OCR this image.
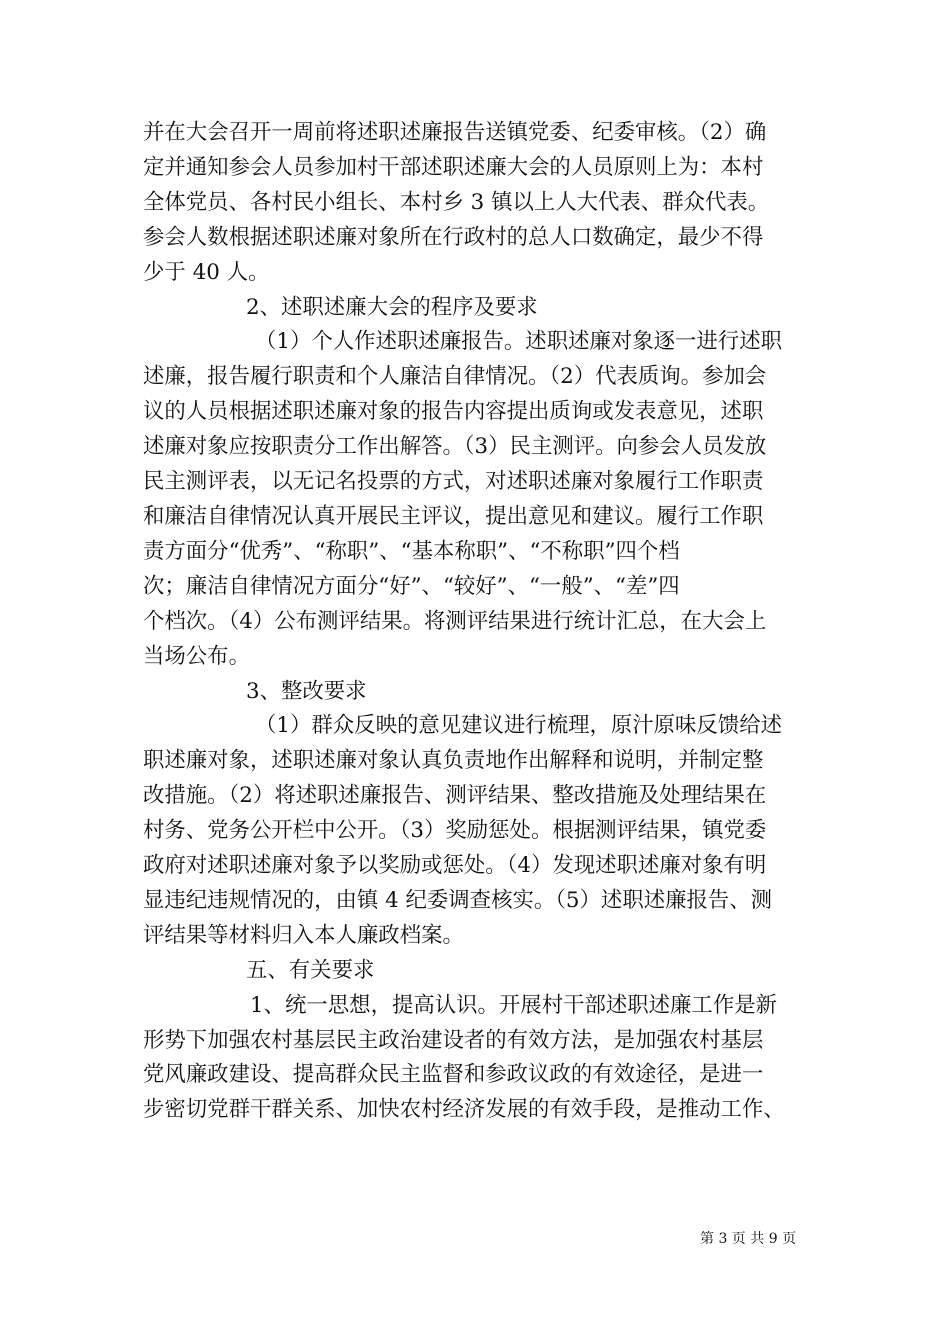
并在大会召开一周前将述职述廉报告送镇党委、纪委审核。（2）确
定并通知参会人员参加村干部述职述廉大会的人员原则上为：本村
全体党员、各村民小组长、本村乡 3 镇以上人大代表、群众代表。
参会人数根据述职述廉对象所在行政村的总人口数确定，最少不得
少于 40 人。

2、述职述廉大会的程序及要求

（1）个人作述职述廉报告。述职述廉对象逐一进行述职
述廉，报告履行职责和个人廉洁自律情况。（2）代表质询。参加会
议的人员根据述职述廉对象的报告内容提出质询或发表意见，述职
述廉对象应按职责分工作出解答。（3）民主测评。向参会人员发放
民主测评表，以无记名投票的方式，对述职述廉对象履行工作职责
和廉洁自律情况认真开展民主评议，提出意见和建议。履行工作职
责方面分“优秀”、“称职”、“基本称职”、“不称职”四个档
次；廉洁自律情况方面分“好”、“较好”、“一般”、“差”四
个档次。（4）公布测评结果。将测评结果进行统计汇总，在大会上
当场公布。

3、整改要求

（1）群众反映的意见建议进行梳理，原汁原味反馈给述
职述廉对象，述职述廉对象认真负责地作出解释和说明，并制定整
改措施。（2）将述职述廉报告、测评结果、整改措施及处理结果在
村务、党务公开栏中公开。（3）奖励惩处。根据测评结果，镇党委
政府对述职述廉对象予以奖励或惩处。（4）发现述职述廉对象有明
显违纪违规情况的，由镇 4 纪委调查核实。（5）述职述廉报告、测
评结果等材料归入本人廉政档案。

五、有关要求

1、统一思想，提高认识。开展村干部述职述廉工作是新
形势下加强农村基层民主政治建设者的有效方法，是加强农村基层
党风廉政建设、提高群众民主监督和参政议政的有效途径，是进一
步密切党群干群关系、加快农村经济发展的有效手段，是推动工作、

第 3 页 共 9 页
